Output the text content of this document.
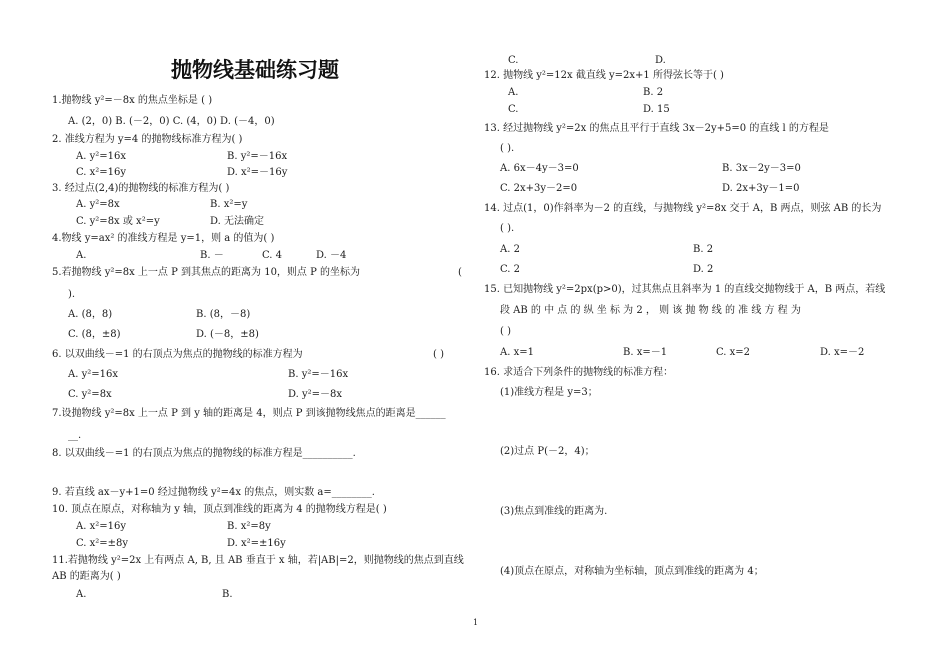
抛物线基础练习题
1.抛物线 y²=－8x 的焦点坐标是 ( )
A. (2，0) B. (－2，0) C. (4，0) D. (－4，0)
2. 准线方程为 y=4 的抛物线标准方程为( )
A. y²=16x	B. y²=－16x
C. x²=16y	D. x²=－16y
3. 经过点(2,4)的抛物线的标准方程为( )
A. y²=8x	B. x²=y
C. y²=8x 或 x²=y	D. 无法确定
4.物线 y=ax² 的准线方程是 y=1，则 a 的值为( )
A.	B. －	C. 4	D. －4
5.若抛物线 y²=8x 上一点 P 到其焦点的距离为 10，则点 P 的坐标为	(
).
A. (8，8)	B. (8，－8)
C. (8，±8)	D. (－8，±8)
6. 以双曲线－=1 的右顶点为焦点的抛物线的标准方程为	( )
A. y²=16x	B. y²=－16x
C. y²=8x	D. y²=－8x
7.设抛物线 y²=8x 上一点 P 到 y 轴的距离是 4，则点 P 到该抛物线焦点的距离是______
__.
8. 以双曲线－=1 的右顶点为焦点的抛物线的标准方程是__________.
9. 若直线 ax－y+1=0 经过抛物线 y²=4x 的焦点，则实数 a=________.
10. 顶点在原点，对称轴为 y 轴，顶点到准线的距离为 4 的抛物线方程是( )
A. x²=16y	B. x²=8y
C. x²=±8y	D. x²=±16y
11.若抛物线 y²=2x 上有两点 A, B, 且 AB 垂直于 x 轴，若|AB|=2，则抛物线的焦点到直线
AB 的距离为( )
A.	B.
C.	D.
12. 抛物线 y²=12x 截直线 y=2x+1 所得弦长等于( )
A.	B. 2
C.	D. 15
13. 经过抛物线 y²=2x 的焦点且平行于直线 3x－2y+5=0 的直线 l 的方程是
( ).
A. 6x－4y－3=0	B. 3x－2y－3=0
C. 2x+3y－2=0	D. 2x+3y－1=0
14. 过点(1，0)作斜率为－2 的直线，与抛物线 y²=8x 交于 A，B 两点，则弦 AB 的长为
( ).
A. 2	B. 2
C. 2	D. 2
15. 已知抛物线 y²=2px(p>0)，过其焦点且斜率为 1 的直线交抛物线于 A，B 两点，若线
段 AB 的 中 点 的 纵 坐 标 为 2 ， 则 该 抛 物 线 的 准 线 方 程 为
( )
A. x=1	B. x=－1	C. x=2	D. x=－2
16. 求适合下列条件的抛物线的标准方程：
(1)准线方程是 y=3；
(2)过点 P(－2，4)；
(3)焦点到准线的距离为.
(4)顶点在原点，对称轴为坐标轴，顶点到准线的距离为 4；
1
